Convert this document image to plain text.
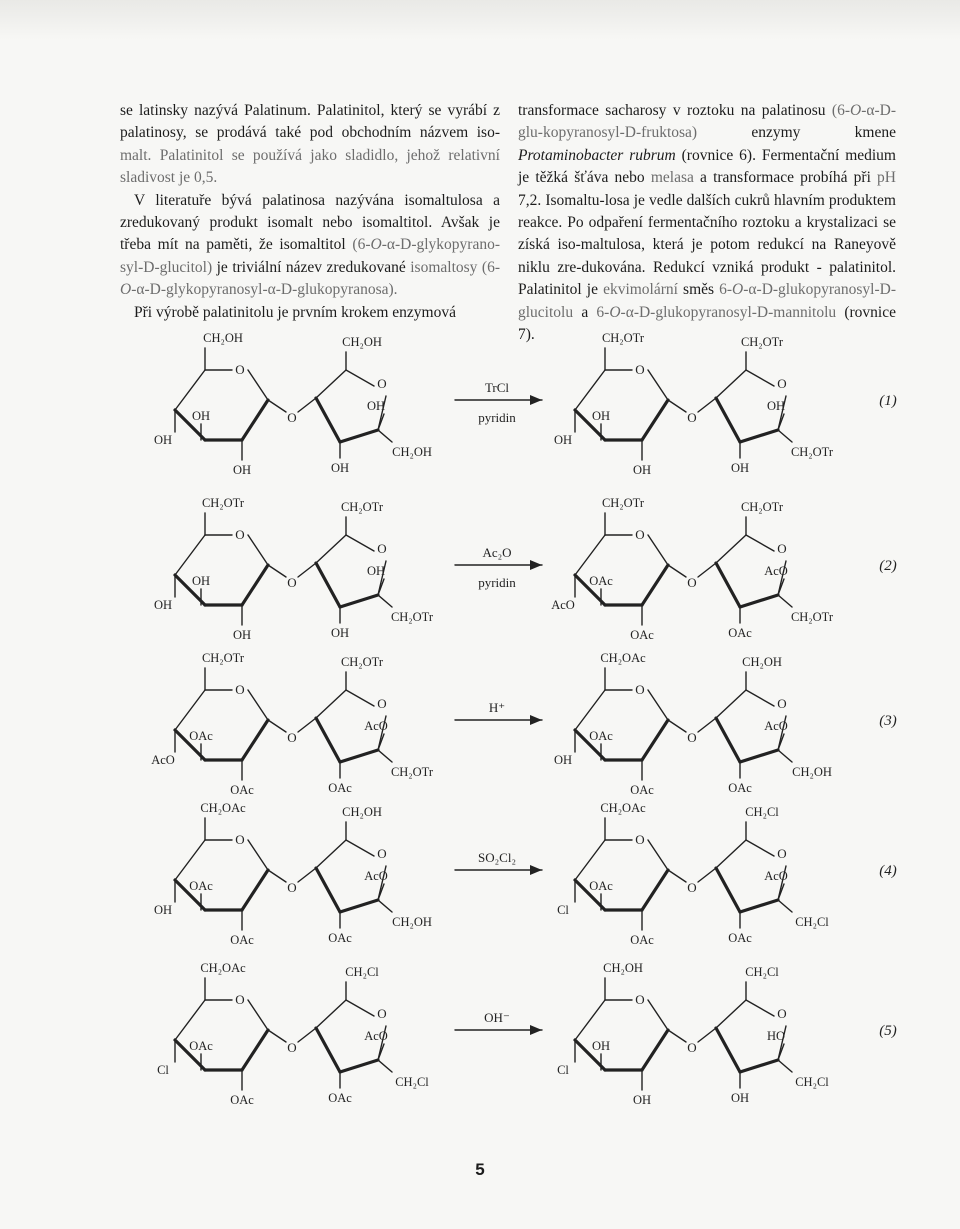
se latinsky nazývá Palatinum. Palatinitol, který se vyrábí z palatinosy, se prodává také pod obchodním názvem iso- malt. Palatinitol se používá jako sladidlo, jehož relativní sladivost je 0,5.

V literatuře bývá palatinosa nazývána isomaltulosa a zredukovaný produkt isomalt nebo isomaltitol. Avšak je třeba mít na paměti, že isomaltitol (6-O-α-D-glykopyrano-syl-D-glucitol) je triviální název zredukované isomaltosy (6-O-α-D-glykopyranosyl-α-D-glukopyranosa).

Při výrobě palatinitolu je prvním krokem enzymová

transformace sacharosy v roztoku na palatinosu (6-O-α-D-glu-kopyranosyl-D-fruktosa) enzymy kmene Protaminobacter rubrum (rovnice 6). Fermentační medium je těžká šťáva nebo melasa a transformace probíhá při pH 7,2. Isomaltu-losa je vedle dalších cukrů hlavním produktem reakce. Po odpaření fermentačního roztoku a krystalizaci se získá iso-maltulosa, která je potom redukcí na Raneyově niklu zre-dukována. Redukcí vzniká produkt - palatinitol. Palatinitol je ekvimolární směs 6-O-α-D-glukopyranosyl-D-glucitolu a 6-O-α-D-glukopyranosyl-D-mannitolu (rovnice 7).

O
CH₂OH
OH
OH
OH
O
O
CH₂OH
OH
OH
CH₂OH
O
CH₂OTr
OH
OH
OH
O
O
CH₂OTr
OH
OH
CH₂OTr
TrCl
pyridin
(1)
O
CH₂OTr
OH
OH
OH
O
O
CH₂OTr
OH
OH
CH₂OTr
O
CH₂OTr
AcO
OAc
OAc
O
O
CH₂OTr
AcO
OAc
CH₂OTr
Ac₂O
pyridin
(2)
O
CH₂OTr
AcO
OAc
OAc
O
O
CH₂OTr
AcO
OAc
CH₂OTr
O
CH₂OAc
OH
OAc
OAc
O
O
CH₂OH
AcO
OAc
CH₂OH
H⁺
(3)
O
CH₂OAc
OH
OAc
OAc
O
O
CH₂OH
AcO
OAc
CH₂OH
O
CH₂OAc
Cl
OAc
OAc
O
O
CH₂Cl
AcO
OAc
CH₂Cl
SO₂Cl₂
(4)
O
CH₂OAc
Cl
OAc
OAc
O
O
CH₂Cl
AcO
OAc
CH₂Cl
O
CH₂OH
Cl
OH
OH
O
O
CH₂Cl
HO
OH
CH₂Cl
OH⁻
(5)
5
